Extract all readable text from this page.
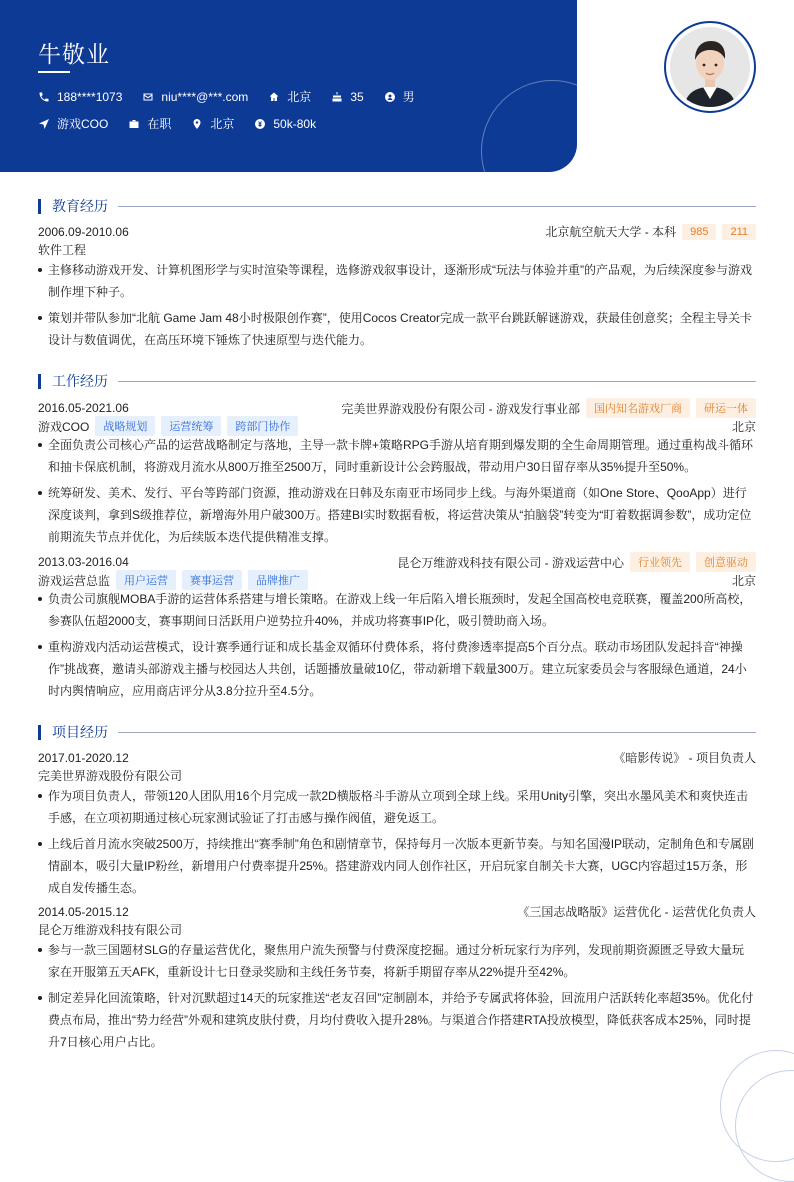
牛敬业
188****1073	niu****@***.com	北京	35	男
游戏COO	在职	北京	50k-80k
教育经历
2006.09-2010.06	北京航空航天大学 - 本科	985	211
软件工程
主修移动游戏开发、计算机图形学与实时渲染等课程，选修游戏叙事设计，逐渐形成“玩法与体验并重”的产品观，为后续深度参与游戏制作埋下种子。
策划并带队参加“北航 Game Jam 48小时极限创作赛”，使用Cocos Creator完成一款平台跳跃解谜游戏，获最佳创意奖；全程主导关卡设计与数值调优，在高压环境下锤炼了快速原型与迭代能力。
工作经历
2016.05-2021.06	完美世界游戏股份有限公司 - 游戏发行事业部	国内知名游戏厂商	研运一体
游戏COO	战略规划	运营统筹	跨部门协作	北京
全面负责公司核心产品的运营战略制定与落地，主导一款卡牌+策略RPG手游从培育期到爆发期的全生命周期管理。通过重构战斗循环和抽卡保底机制，将游戏月流水从800万推至2500万，同时重新设计公会跨服战，带动用户30日留存率从35%提升至50%。
统筹研发、美术、发行、平台等跨部门资源，推动游戏在日韩及东南亚市场同步上线。与海外渠道商（如One Store、QooApp）进行深度谈判，拿到S级推荐位，新增海外用户破300万。搭建BI实时数据看板，将运营决策从“拍脑袋”转变为“盯着数据调参数”，成功定位前期流失节点并优化，为后续版本迭代提供精准支撑。
2013.03-2016.04	昆仑万维游戏科技有限公司 - 游戏运营中心	行业领先	创意驱动
游戏运营总监	用户运营	赛事运营	品牌推广	北京
负责公司旗舰MOBA手游的运营体系搭建与增长策略。在游戏上线一年后陷入增长瓶颈时，发起全国高校电竞联赛，覆盖200所高校，参赛队伍超2000支，赛事期间日活跃用户逆势拉升40%，并成功将赛事IP化，吸引赞助商入场。
重构游戏内活动运营模式，设计赛季通行证和成长基金双循环付费体系，将付费渗透率提高5个百分点。联动市场团队发起抖音“神操作”挑战赛，邀请头部游戏主播与校园达人共创，话题播放量破10亿，带动新增下载量300万。建立玩家委员会与客服绿色通道，24小时内舆情响应，应用商店评分从3.8分拉升至4.5分。
项目经历
2017.01-2020.12	《暗影传说》 - 项目负责人
完美世界游戏股份有限公司
作为项目负责人，带领120人团队用16个月完成一款2D横版格斗手游从立项到全球上线。采用Unity引擎，突出水墨风美术和爽快连击手感，在立项初期通过核心玩家测试验证了打击感与操作阀值，避免返工。
上线后首月流水突破2500万，持续推出“赛季制”角色和剧情章节，保持每月一次版本更新节奏。与知名国漫IP联动，定制角色和专属剧情副本，吸引大量IP粉丝，新增用户付费率提升25%。搭建游戏内同人创作社区，开启玩家自制关卡大赛，UGC内容超过15万条，形成自发传播生态。
2014.05-2015.12	《三国志战略版》运营优化 - 运营优化负责人
昆仑万维游戏科技有限公司
参与一款三国题材SLG的存量运营优化，聚焦用户流失预警与付费深度挖掘。通过分析玩家行为序列，发现前期资源匮乏导致大量玩家在开服第五天AFK，重新设计七日登录奖励和主线任务节奏，将新手期留存率从22%提升至42%。
制定差异化回流策略，针对沉默超过14天的玩家推送“老友召回”定制剧本，并给予专属武将体验，回流用户活跃转化率超35%。优化付费点布局，推出“势力经营”外观和建筑皮肤付费，月均付费收入提升28%。与渠道合作搭建RTA投放模型，降低获客成本25%，同时提升7日核心用户占比。
